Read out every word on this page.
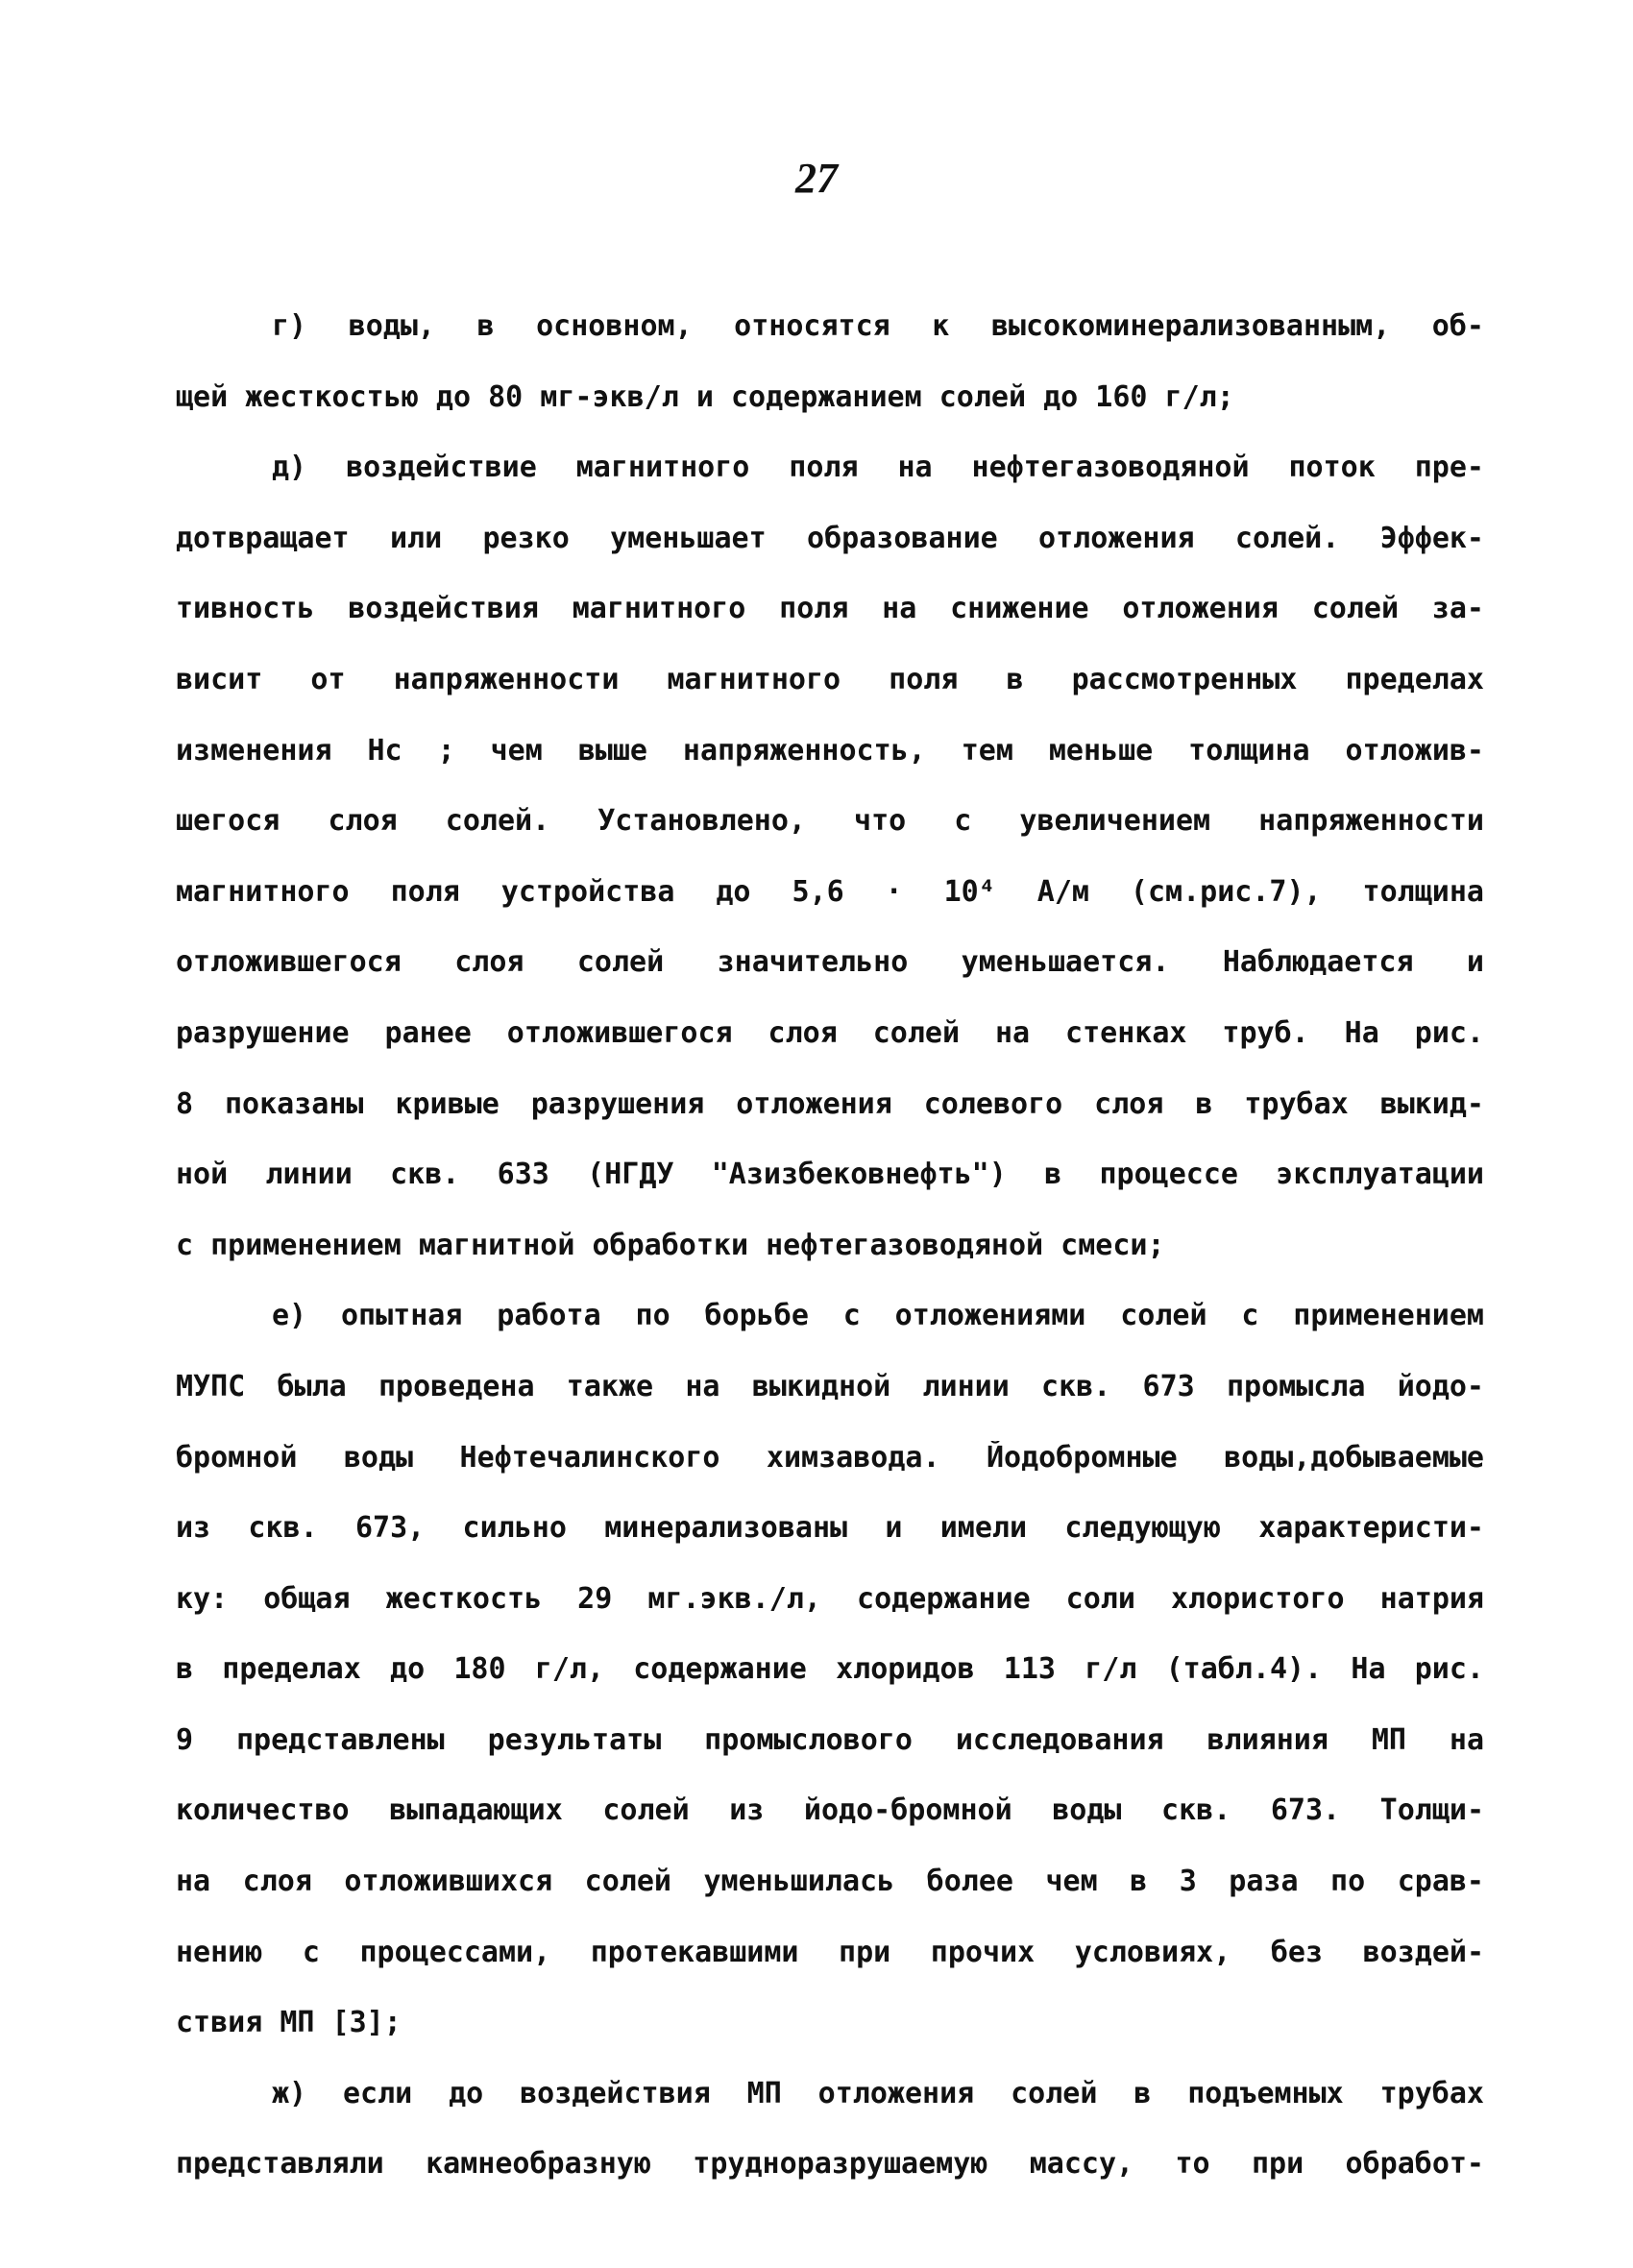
27
г) воды, в основном, относятся к высокоминерализованным, об-
щей жесткостью до 80 мг-экв/л и содержанием солей до 160 г/л;
д) воздействие магнитного поля на нефтегазоводяной поток пре-
дотвращает или резко уменьшает образование отложения солей. Эффек-
тивность воздействия магнитного поля на снижение отложения солей за-
висит от напряженности магнитного поля в рассмотренных пределах
изменения Hc ; чем выше напряженность, тем меньше толщина отложив-
шегося слоя солей. Установлено, что с увеличением напряженности
магнитного поля устройства до 5,6 · 10⁴ А/м (см.рис.7), толщина
отложившегося слоя солей значительно уменьшается. Наблюдается и
разрушение ранее отложившегося слоя солей на стенках труб. На рис.
8 показаны кривые разрушения отложения солевого слоя в трубах выкид-
ной линии скв. 633 (НГДУ "Азизбековнефть") в процессе эксплуатации
с применением магнитной обработки нефтегазоводяной смеси;
е) опытная работа по борьбе с отложениями солей с применением
МУПС была проведена также на выкидной линии скв. 673 промысла йодо-
бромной воды Нефтечалинского химзавода. Йодобромные воды,добываемые
из скв. 673, сильно минерализованы и имели следующую характеристи-
ку: общая жесткость 29 мг.экв./л, содержание соли хлористого натрия
в пределах до 180 г/л, содержание хлоридов 113 г/л (табл.4). На рис.
9 представлены результаты промыслового исследования влияния МП на
количество выпадающих солей из йодо-бромной воды скв. 673. Толщи-
на слоя отложившихся солей уменьшилась более чем в 3 раза по срав-
нению с процессами, протекавшими при прочих условиях, без воздей-
ствия МП [3];
ж) если до воздействия МП отложения солей в подъемных трубах
представляли камнеобразную трудноразрушаемую массу, то при обработ-
